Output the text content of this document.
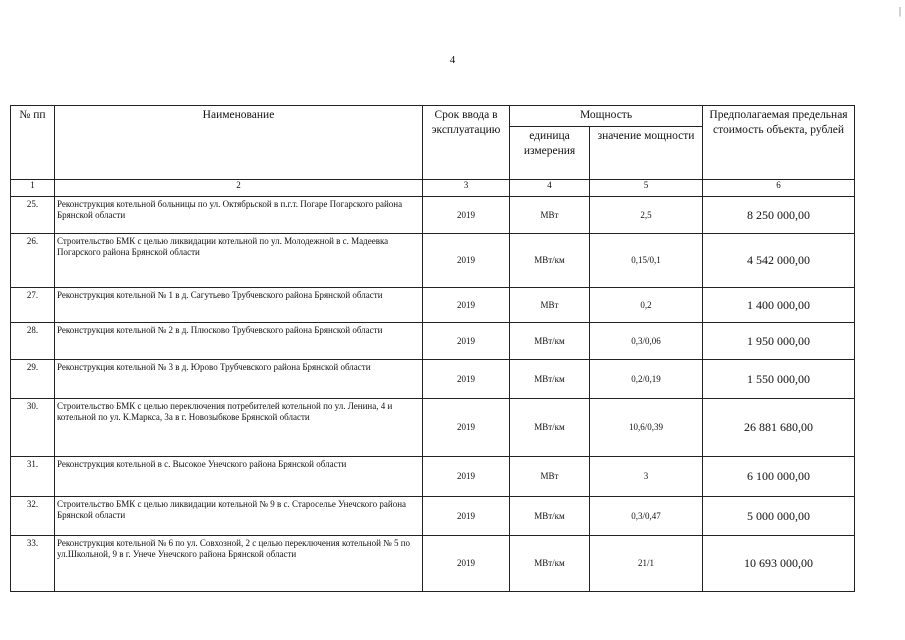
|
4
№ пп	Наименование	Срок ввода в эксплуатацию	Мощность		Предполагаемая предельная стоимость объекта, рублей
			единица измерения	значение мощности	
1	2	3	4	5	6
25.	Реконструкция котельной больницы по ул. Октябрьской в п.г.т. Погаре Погарского района Брянской области	2019	МВт	2,5	8 250 000,00
26.	Строительство БМК с целью ликвидации котельной по ул. Молодежной в с. Мадеевка Погарского района Брянской области	2019	МВт/км	0,15/0,1	4 542 000,00
27.	Реконструкция котельной № 1 в д. Сагутьево Трубчевского района Брянской области	2019	МВт	0,2	1 400 000,00
28.	Реконструкция котельной № 2 в д. Плюсково Трубчевского района Брянской области	2019	МВт/км	0,3/0,06	1 950 000,00
29.	Реконструкция котельной № 3 в д. Юрово Трубчевского района Брянской области	2019	МВт/км	0,2/0,19	1 550 000,00
30.	Строительство БМК с целью переключения потребителей котельной по ул. Ленина, 4 и котельной по ул. К.Маркса, 3а в г. Новозыбкове Брянской области	2019	МВт/км	10,6/0,39	26 881 680,00
31.	Реконструкция котельной в с. Высокое Унечского района Брянской области	2019	МВт	3	6 100 000,00
32.	Строительство БМК с целью ликвидации котельной № 9 в с. Староселье Унечского района Брянской области	2019	МВт/км	0,3/0,47	5 000 000,00
33.	Реконструкция котельной № 6 по ул. Совхозной, 2 с целью переключения котельной № 5 по ул.Школьной, 9 в г. Унече Унечского района Брянской области	2019	МВт/км	21/1	10 693 000,00
